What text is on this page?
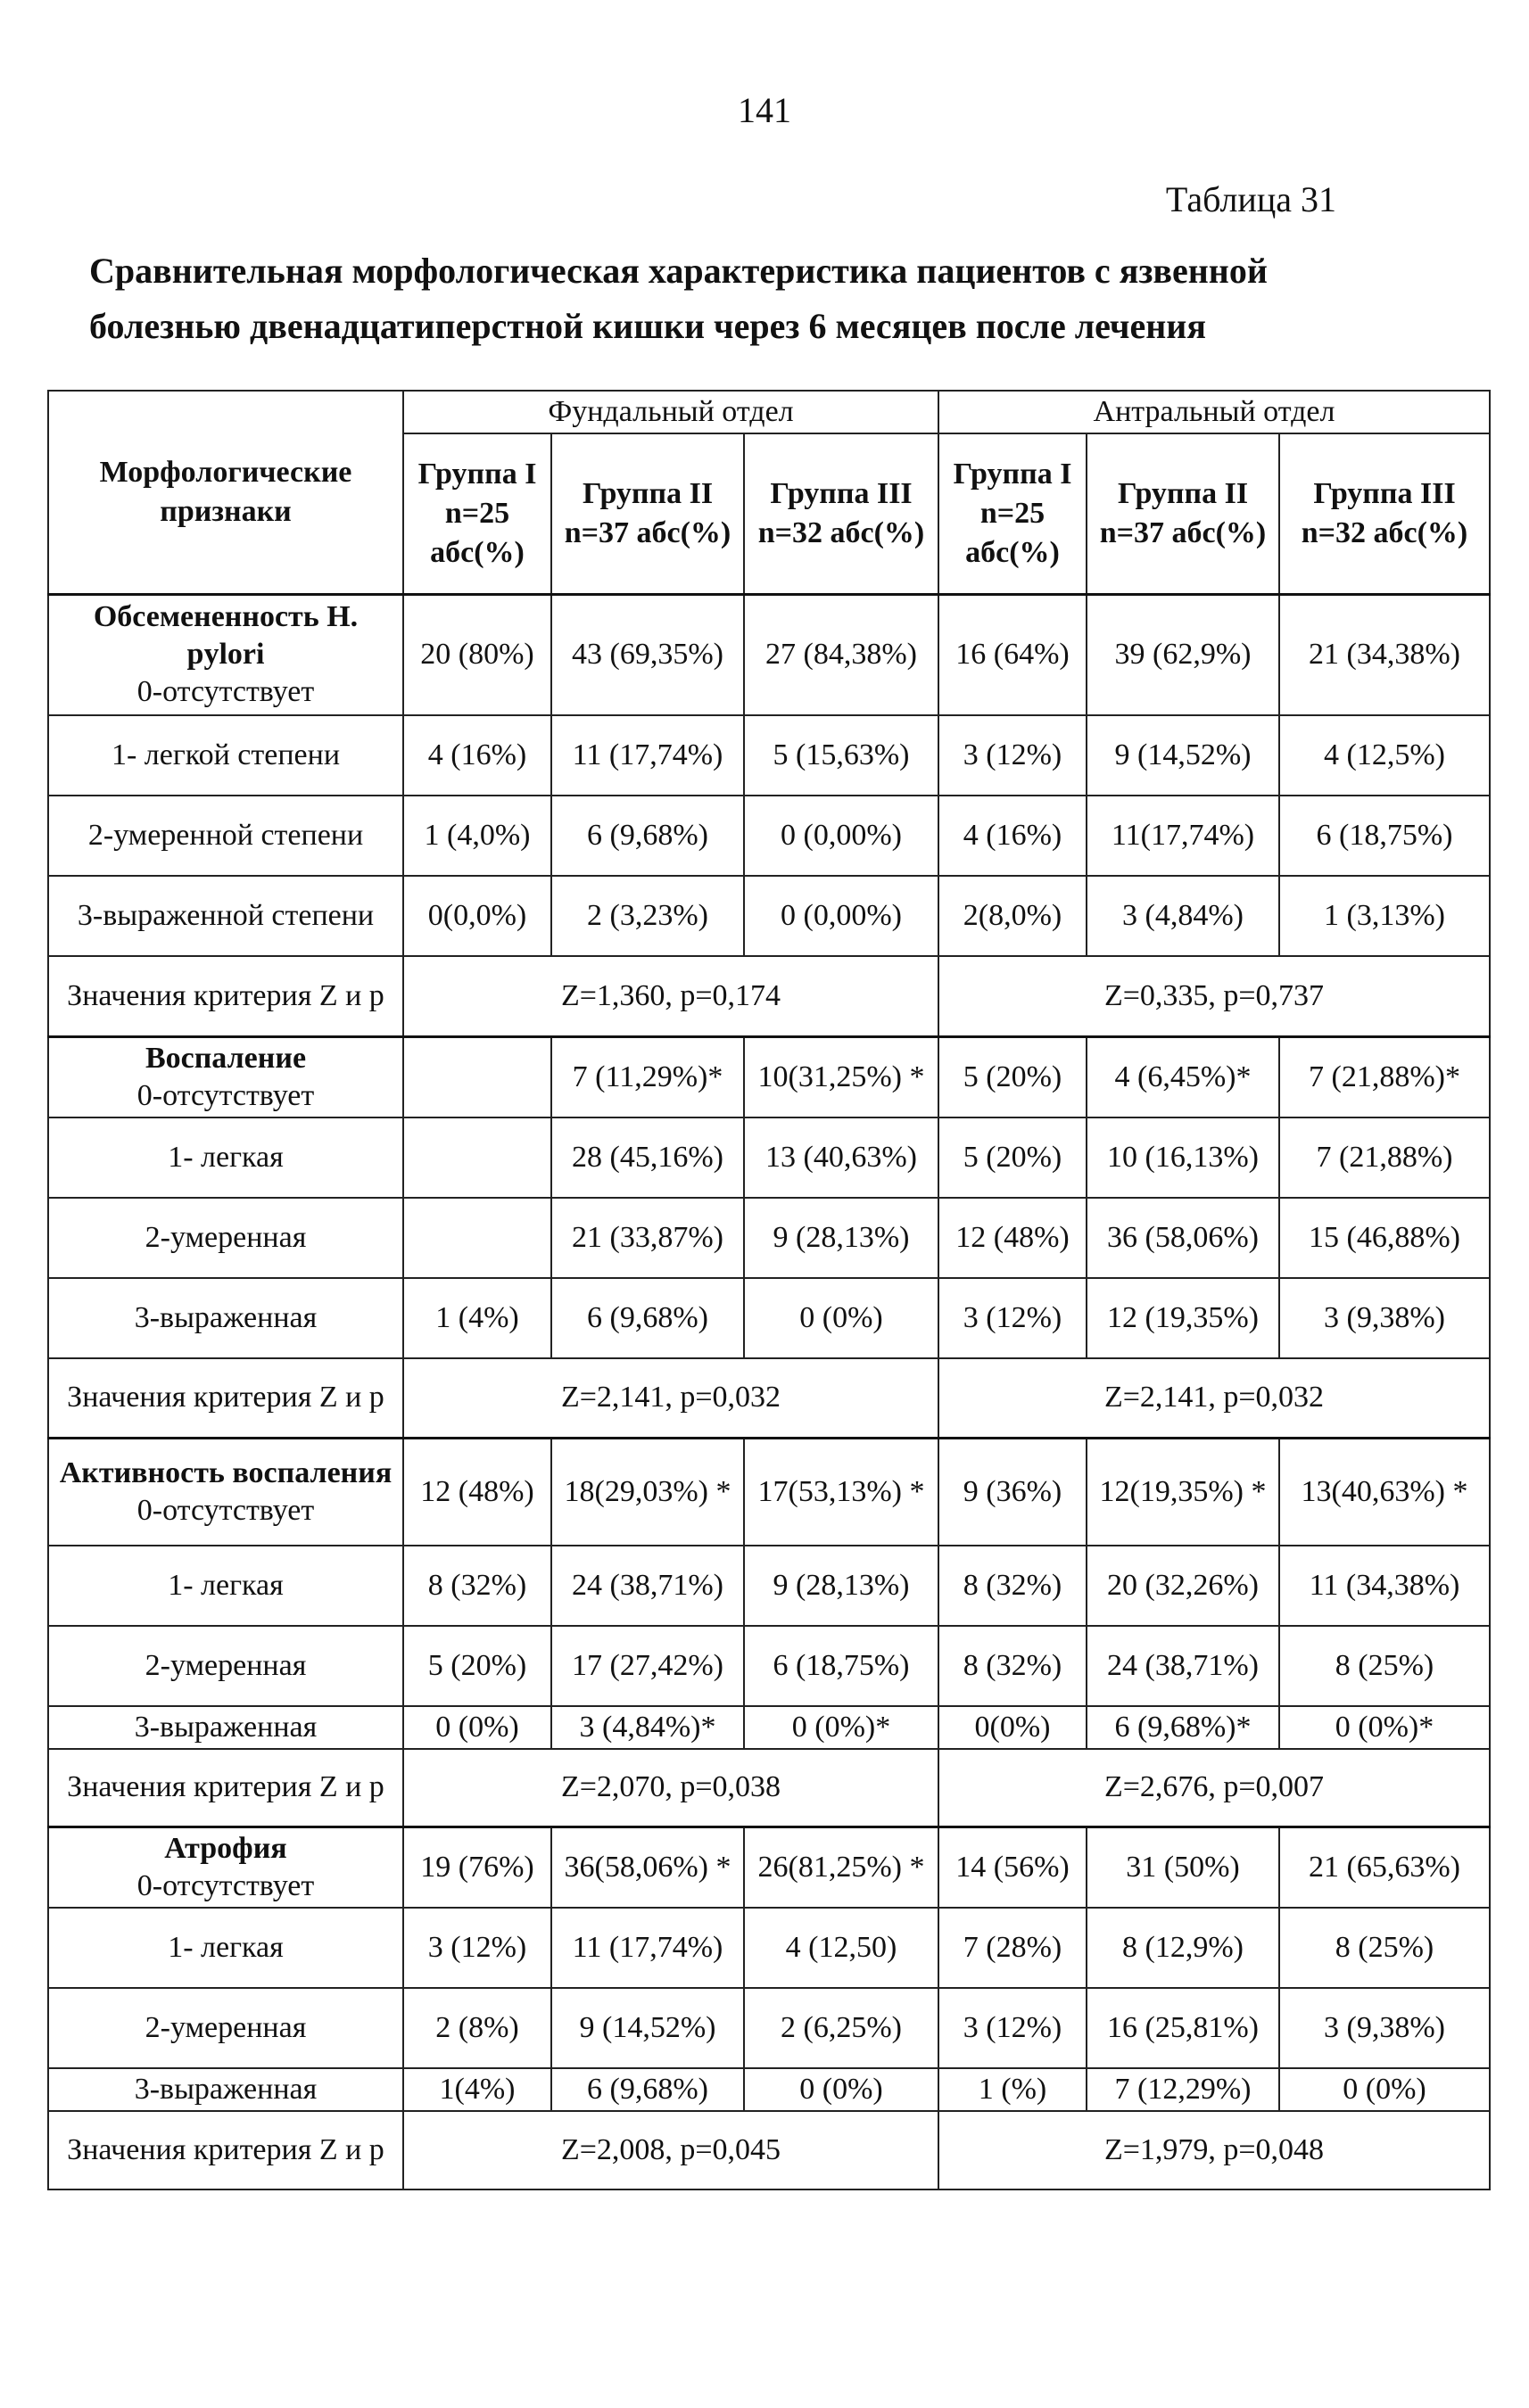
141
Таблица 31
Сравнительная морфологическая характеристика пациентов с язвенной
болезнью двенадцатиперстной кишки через 6 месяцев после лечения
Морфологические признаки	Фундальный отдел			Антральный отдел		
	Группа I n=25 абс(%)	Группа II n=37 абс(%)	Группа III n=32 абс(%)	Группа I n=25 абс(%)	Группа II n=37 абс(%)	Группа III n=32 абс(%)

Обсемененность H. pylori
0-отсутствует	20 (80%)	43 (69,35%)	27 (84,38%)	16 (64%)	39 (62,9%)	21 (34,38%)
1- легкой степени	4 (16%)	11 (17,74%)	5 (15,63%)	3 (12%)	9 (14,52%)	4 (12,5%)
2-умеренной степени	1 (4,0%)	6 (9,68%)	0 (0,00%)	4 (16%)	11(17,74%)	6 (18,75%)
3-выраженной степени	0(0,0%)	2 (3,23%)	0 (0,00%)	2(8,0%)	3 (4,84%)	1 (3,13%)
Значения критерия Z и р	Z=1,360, p=0,174			Z=0,335, p=0,737		

Воспаление
0-отсутствует		7 (11,29%)*	10(31,25%) *	5 (20%)	4 (6,45%)*	7 (21,88%)*
1- легкая		28 (45,16%)	13 (40,63%)	5 (20%)	10 (16,13%)	7 (21,88%)
2-умеренная		21 (33,87%)	9 (28,13%)	12 (48%)	36 (58,06%)	15 (46,88%)
3-выраженная	1 (4%)	6 (9,68%)	0 (0%)	3 (12%)	12 (19,35%)	3 (9,38%)
Значения критерия Z и р	Z=2,141, p=0,032			Z=2,141, p=0,032		

Активность воспаления
0-отсутствует	12 (48%)	18(29,03%) *	17(53,13%) *	9 (36%)	12(19,35%) *	13(40,63%) *
1- легкая	8 (32%)	24 (38,71%)	9 (28,13%)	8 (32%)	20 (32,26%)	11 (34,38%)
2-умеренная	5 (20%)	17 (27,42%)	6 (18,75%)	8 (32%)	24 (38,71%)	8 (25%)
3-выраженная	0 (0%)	3 (4,84%)*	0 (0%)*	0(0%)	6 (9,68%)*	0 (0%)*
Значения критерия Z и р	Z=2,070, p=0,038			Z=2,676, p=0,007		

Атрофия
0-отсутствует	19 (76%)	36(58,06%) *	26(81,25%) *	14 (56%)	31 (50%)	21 (65,63%)
1- легкая	3 (12%)	11 (17,74%)	4 (12,50)	7 (28%)	8 (12,9%)	8 (25%)
2-умеренная	2 (8%)	9 (14,52%)	2 (6,25%)	3 (12%)	16 (25,81%)	3 (9,38%)
3-выраженная	1(4%)	6 (9,68%)	0 (0%)	1 (%)	7 (12,29%)	0 (0%)
Значения критерия Z и р	Z=2,008, p=0,045			Z=1,979, p=0,048		
